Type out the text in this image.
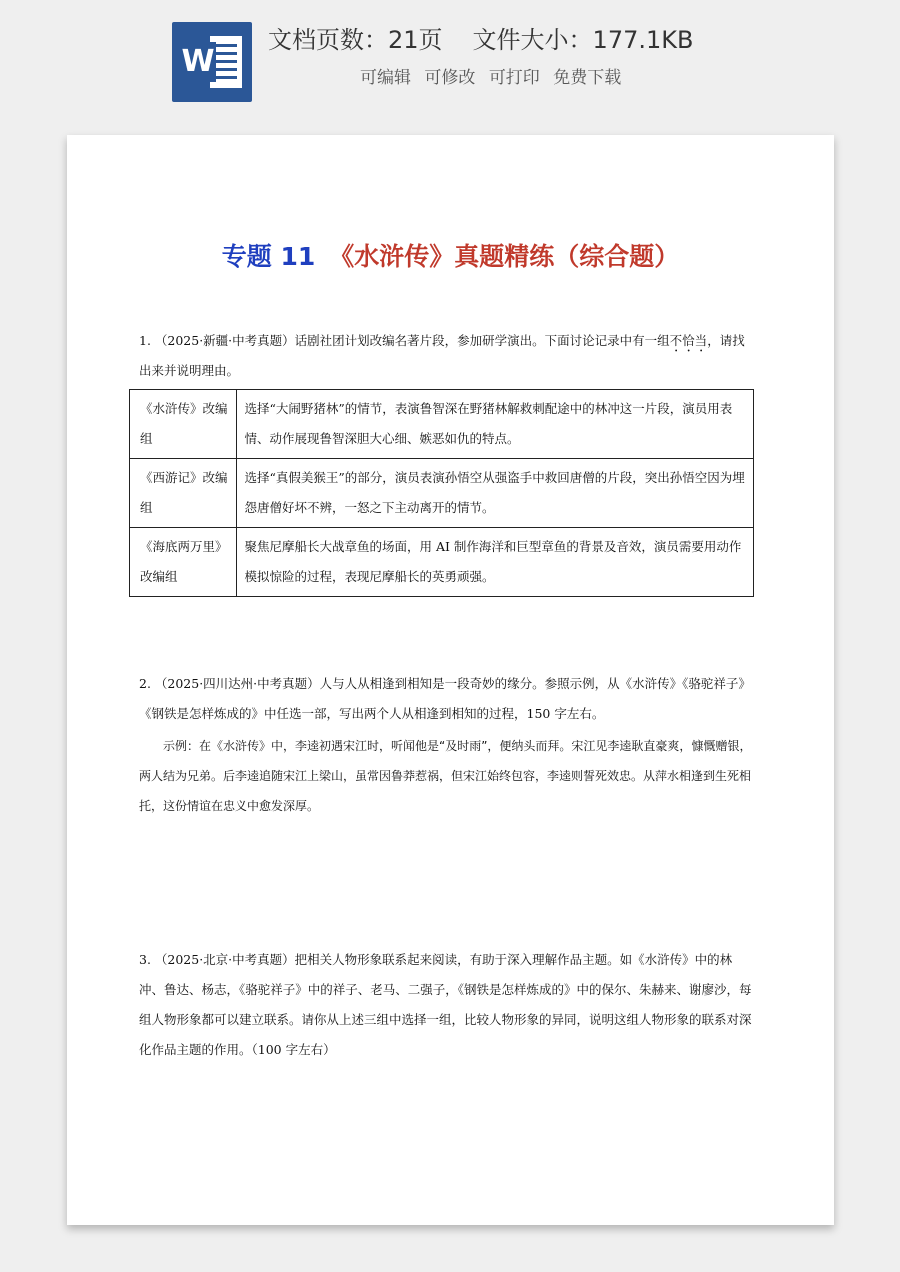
W
文档页数：21页 文件大小：177.1KB
可编辑 可修改 可打印 免费下载
专题 11 《水浒传》真题精练（综合题）
1. （2025·新疆·中考真题）话剧社团计划改编名著片段，参加研学演出。下面讨论记录中有一组不恰当，请找出来并说明理由。
《水浒传》改编组	选择“大闹野猪林”的情节，表演鲁智深在野猪林解救刺配途中的林冲这一片段，演员用表情、动作展现鲁智深胆大心细、嫉恶如仇的特点。
《西游记》改编组	选择“真假美猴王”的部分，演员表演孙悟空从强盗手中救回唐僧的片段，突出孙悟空因为埋怨唐僧好坏不辨，一怒之下主动离开的情节。
《海底两万里》改编组	聚焦尼摩船长大战章鱼的场面，用 AI 制作海洋和巨型章鱼的背景及音效，演员需要用动作模拟惊险的过程，表现尼摩船长的英勇顽强。
2. （2025·四川达州·中考真题）人与人从相逢到相知是一段奇妙的缘分。参照示例，从《水浒传》《骆驼祥子》《钢铁是怎样炼成的》中任选一部，写出两个人从相逢到相知的过程，150 字左右。
示例：在《水浒传》中，李逵初遇宋江时，听闻他是“及时雨”，便纳头而拜。宋江见李逵耿直豪爽，慷慨赠银，两人结为兄弟。后李逵追随宋江上梁山，虽常因鲁莽惹祸，但宋江始终包容，李逵则誓死效忠。从萍水相逢到生死相托，这份情谊在忠义中愈发深厚。
3. （2025·北京·中考真题）把相关人物形象联系起来阅读，有助于深入理解作品主题。如《水浒传》中的林冲、鲁达、杨志，《骆驼祥子》中的祥子、老马、二强子，《钢铁是怎样炼成的》中的保尔、朱赫来、谢廖沙，每组人物形象都可以建立联系。请你从上述三组中选择一组，比较人物形象的异同，说明这组人物形象的联系对深化作品主题的作用。（100 字左右）
